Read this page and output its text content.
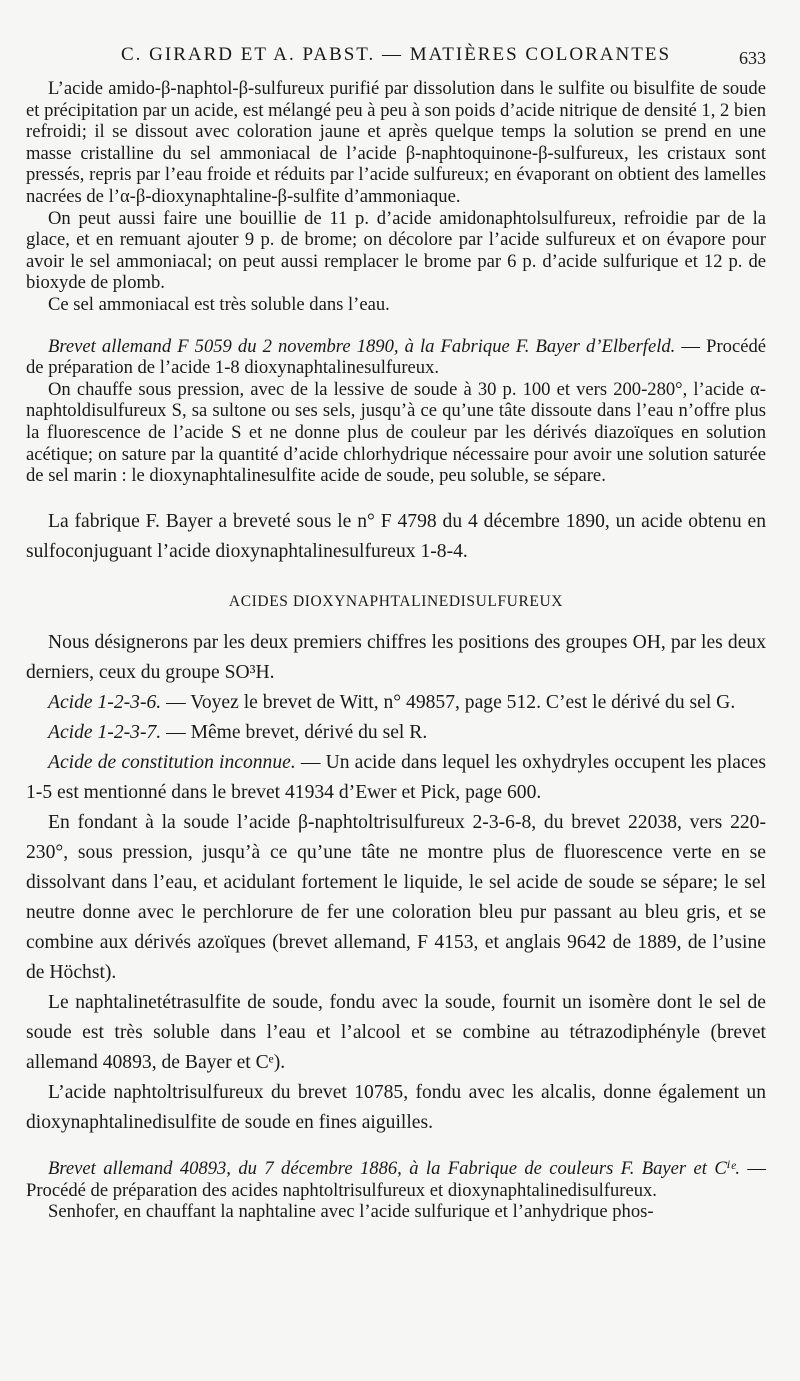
C. GIRARD ET A. PABST. — MATIÈRES COLORANTES	633

L’acide amido-β-naphtol-β-sulfureux purifié par dissolution dans le sulfite ou bisulfite de soude et précipitation par un acide, est mélangé peu à peu à son poids d’acide nitrique de densité 1, 2 bien refroidi; il se dissout avec coloration jaune et après quelque temps la solution se prend en une masse cristalline du sel ammoniacal de l’acide β-naphtoquinone-β-sulfureux, les cristaux sont pressés, repris par l’eau froide et réduits par l’acide sulfureux; en évaporant on obtient des lamelles nacrées de l’α-β-dioxynaphtaline-β-sulfite d’ammoniaque.

On peut aussi faire une bouillie de 11 p. d’acide amidonaphtolsulfureux, refroidie par de la glace, et en remuant ajouter 9 p. de brome; on décolore par l’acide sulfureux et on évapore pour avoir le sel ammoniacal; on peut aussi remplacer le brome par 6 p. d’acide sulfurique et 12 p. de bioxyde de plomb.

Ce sel ammoniacal est très soluble dans l’eau.

Brevet allemand F 5059 du 2 novembre 1890, à la Fabrique F. Bayer d’Elberfeld. — Procédé de préparation de l’acide 1-8 dioxynaphtalinesulfureux.

On chauffe sous pression, avec de la lessive de soude à 30 p. 100 et vers 200-280°, l’acide α-naphtoldisulfureux S, sa sultone ou ses sels, jusqu’à ce qu’une tâte dissoute dans l’eau n’offre plus la fluorescence de l’acide S et ne donne plus de couleur par les dérivés diazoïques en solution acétique; on sature par la quantité d’acide chlorhydrique nécessaire pour avoir une solution saturée de sel marin : le dioxynaphtalinesulfite acide de soude, peu soluble, se sépare.

La fabrique F. Bayer a breveté sous le n° F 4798 du 4 décembre 1890, un acide obtenu en sulfoconjuguant l’acide dioxynaphtalinesulfureux 1-8-4.

ACIDES DIOXYNAPHTALINEDISULFUREUX

Nous désignerons par les deux premiers chiffres les positions des groupes OH, par les deux derniers, ceux du groupe SO³H.

Acide 1-2-3-6. — Voyez le brevet de Witt, n° 49857, page 512. C’est le dérivé du sel G.

Acide 1-2-3-7. — Même brevet, dérivé du sel R.

Acide de constitution inconnue. — Un acide dans lequel les oxhydryles occupent les places 1-5 est mentionné dans le brevet 41934 d’Ewer et Pick, page 600.

En fondant à la soude l’acide β-naphtoltrisulfureux 2-3-6-8, du brevet 22038, vers 220-230°, sous pression, jusqu’à ce qu’une tâte ne montre plus de fluorescence verte en se dissolvant dans l’eau, et acidulant fortement le liquide, le sel acide de soude se sépare; le sel neutre donne avec le perchlorure de fer une coloration bleu pur passant au bleu gris, et se combine aux dérivés azoïques (brevet allemand, F 4153, et anglais 9642 de 1889, de l’usine de Höchst).

Le naphtalinetétrasulfite de soude, fondu avec la soude, fournit un isomère dont le sel de soude est très soluble dans l’eau et l’alcool et se combine au tétrazodiphényle (brevet allemand 40893, de Bayer et Cᵉ).

L’acide naphtoltrisulfureux du brevet 10785, fondu avec les alcalis, donne également un dioxynaphtalinedisulfite de soude en fines aiguilles.

Brevet allemand 40893, du 7 décembre 1886, à la Fabrique de couleurs F. Bayer et Cⁱᵉ. — Procédé de préparation des acides naphtoltrisulfureux et dioxynaphtalinedisulfureux.

Senhofer, en chauffant la naphtaline avec l’acide sulfurique et l’anhydrique phos-
